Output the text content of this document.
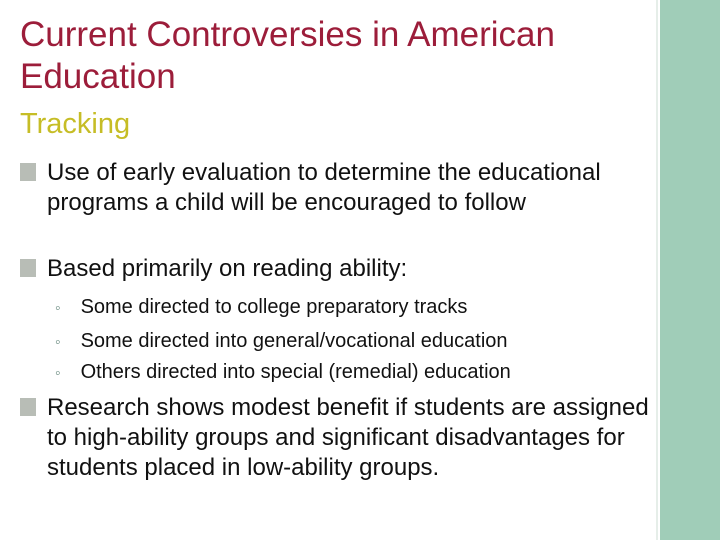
Current Controversies in American Education
Tracking
Use of early evaluation to determine the educational programs a child will be encouraged to follow
Based primarily on reading ability:
◦ Some directed to college preparatory tracks
◦ Some directed into general/vocational education
◦ Others directed into special (remedial) education
Research shows modest benefit if students are assigned to high-ability groups and significant disadvantages for students placed in low-ability groups.
